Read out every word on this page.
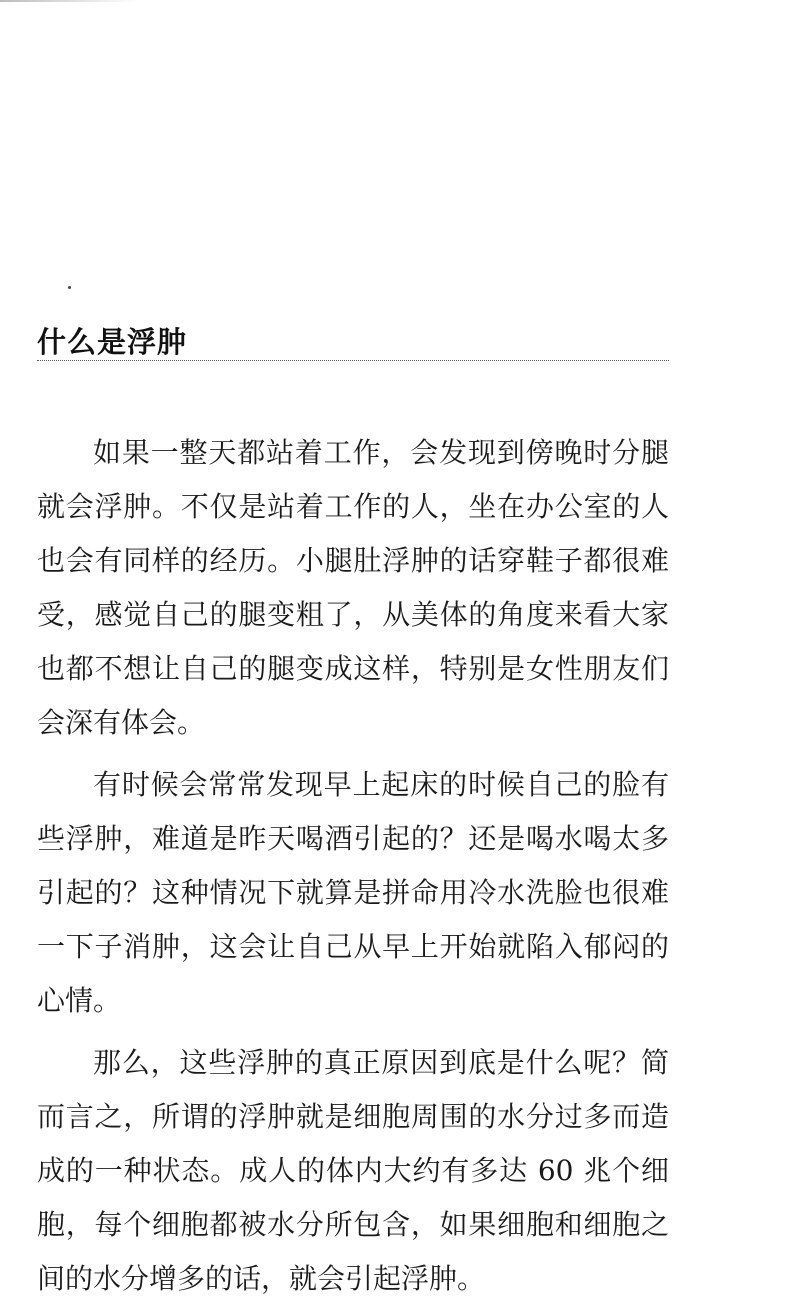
什么是浮肿

如果一整天都站着工作，会发现到傍晚时分腿就会浮肿。不仅是站着工作的人，坐在办公室的人也会有同样的经历。小腿肚浮肿的话穿鞋子都很难受，感觉自己的腿变粗了，从美体的角度来看大家也都不想让自己的腿变成这样，特别是女性朋友们会深有体会。

有时候会常常发现早上起床的时候自己的脸有些浮肿，难道是昨天喝酒引起的？还是喝水喝太多引起的？这种情况下就算是拼命用冷水洗脸也很难一下子消肿，这会让自己从早上开始就陷入郁闷的心情。

那么，这些浮肿的真正原因到底是什么呢？简而言之，所谓的浮肿就是细胞周围的水分过多而造成的一种状态。成人的体内大约有多达 60 兆个细胞，每个细胞都被水分所包含，如果细胞和细胞之间的水分增多的话，就会引起浮肿。
